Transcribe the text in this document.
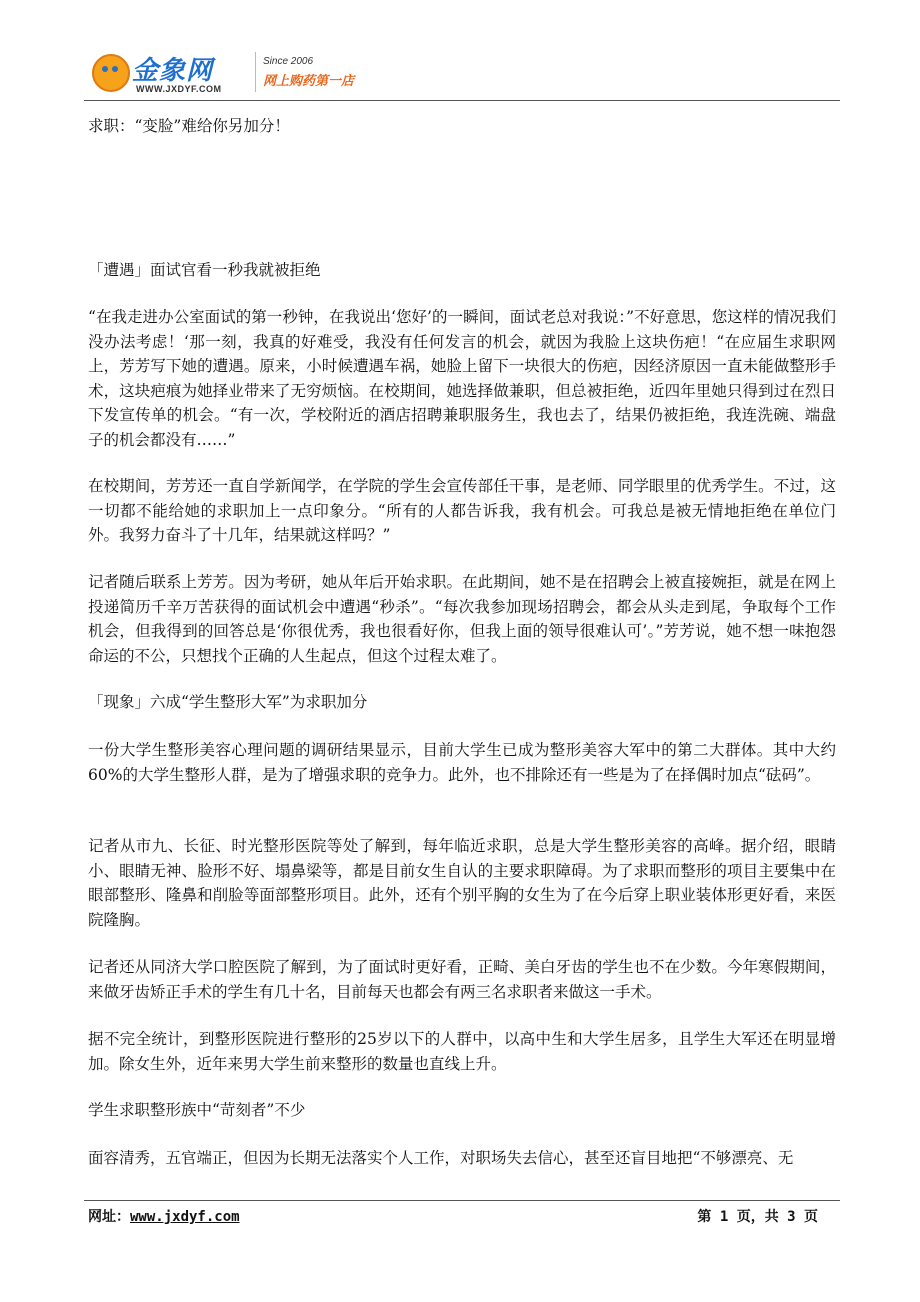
金象网
WWW.JXDYF.COM
Since 2006
网上购药第一店
求职：“变脸”难给你另加分！
「遭遇」面试官看一秒我就被拒绝
“在我走进办公室面试的第一秒钟，在我说出‘您好’的一瞬间，面试老总对我说：”不好意思，您这样的情况我们没办法考虑！‘那一刻，我真的好难受，我没有任何发言的机会，就因为我脸上这块伤疤！“在应届生求职网上，芳芳写下她的遭遇。原来，小时候遭遇车祸，她脸上留下一块很大的伤疤，因经济原因一直未能做整形手术，这块疤痕为她择业带来了无穷烦恼。在校期间，她选择做兼职，但总被拒绝，近四年里她只得到过在烈日下发宣传单的机会。“有一次，学校附近的酒店招聘兼职服务生，我也去了，结果仍被拒绝，我连洗碗、端盘子的机会都没有……”
在校期间，芳芳还一直自学新闻学，在学院的学生会宣传部任干事，是老师、同学眼里的优秀学生。不过，这一切都不能给她的求职加上一点印象分。“所有的人都告诉我，我有机会。可我总是被无情地拒绝在单位门外。我努力奋斗了十几年，结果就这样吗？”
记者随后联系上芳芳。因为考研，她从年后开始求职。在此期间，她不是在招聘会上被直接婉拒，就是在网上投递简历千辛万苦获得的面试机会中遭遇“秒杀”。“每次我参加现场招聘会，都会从头走到尾，争取每个工作机会，但我得到的回答总是‘你很优秀，我也很看好你，但我上面的领导很难认可’。”芳芳说，她不想一味抱怨命运的不公，只想找个正确的人生起点，但这个过程太难了。
「现象」六成“学生整形大军”为求职加分
一份大学生整形美容心理问题的调研结果显示，目前大学生已成为整形美容大军中的第二大群体。其中大约60%的大学生整形人群，是为了增强求职的竞争力。此外，也不排除还有一些是为了在择偶时加点“砝码”。
记者从市九、长征、时光整形医院等处了解到，每年临近求职，总是大学生整形美容的高峰。据介绍，眼睛小、眼睛无神、脸形不好、塌鼻梁等，都是目前女生自认的主要求职障碍。为了求职而整形的项目主要集中在眼部整形、隆鼻和削脸等面部整形项目。此外，还有个别平胸的女生为了在今后穿上职业装体形更好看，来医院隆胸。
记者还从同济大学口腔医院了解到，为了面试时更好看，正畸、美白牙齿的学生也不在少数。今年寒假期间，来做牙齿矫正手术的学生有几十名，目前每天也都会有两三名求职者来做这一手术。
据不完全统计，到整形医院进行整形的25岁以下的人群中，以高中生和大学生居多，且学生大军还在明显增加。除女生外，近年来男大学生前来整形的数量也直线上升。
学生求职整形族中“苛刻者”不少
面容清秀，五官端正，但因为长期无法落实个人工作，对职场失去信心，甚至还盲目地把“不够漂亮、无
网址：www.jxdyf.com	第 1 页，共 3 页
